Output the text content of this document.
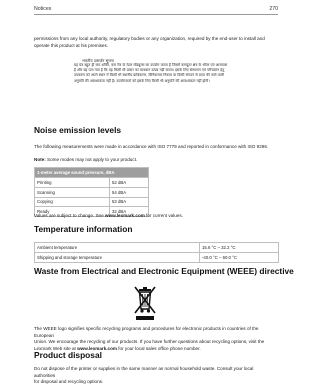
Notices	270
permissions from any local authority, regulatory bodies or any organization, required by the end-user to install and operate this product at his premises.
भारतीय उत्सर्जन सूचना
यह यंत्र बहुत ही कम शक्ति, कम रेंज के रेडार मॉड्यूल्स का उपयोग करता है जिसमें कम्प्यूटर क्षेत्र के भीतर एवं आसपास
है और यह पता गया है कि यह किसी भी प्रकार का व्यवधान उत्पन्न नहीं करता। इसके लिए संस्थापन एवं परिचालन हेतु
उपकरण को अपने स्थान में किसी भी स्थानीय प्राधिकरण, विनियामक निकाय या किसी संगठन से प्राप्त की जाने वाली
अनुमति की आवश्यकता नहीं है। उपयोगकर्ता को इसके लिए किसी भी अनुमति की आवश्यकता नहीं होगी।
Noise emission levels
The following measurements were made in accordance with ISO 7779 and reported in conformance with ISO 9296.
Note: Some modes may not apply to your product.
1-meter average sound pressure, dBA	
Printing	52 dBA
Scanning	54 dBA
Copying	53 dBA
Ready	32 dBA
Values are subject to change. See www.lexmark.com for current values.
Temperature information
Ambient temperature	15.6 °C – 32.2 °C
Shipping and storage temperature	-40.0 °C – 60.0 °C
Waste from Electrical and Electronic Equipment (WEEE) directive
The WEEE logo signifies specific recycling programs and procedures for electronic products in countries of the European
Union. We encourage the recycling of our products. If you have further questions about recycling options, visit the
Lexmark Web site at www.lexmark.com for your local sales office phone number.
Product disposal
Do not dispose of the printer or supplies in the same manner as normal household waste. Consult your local authorities
for disposal and recycling options.
